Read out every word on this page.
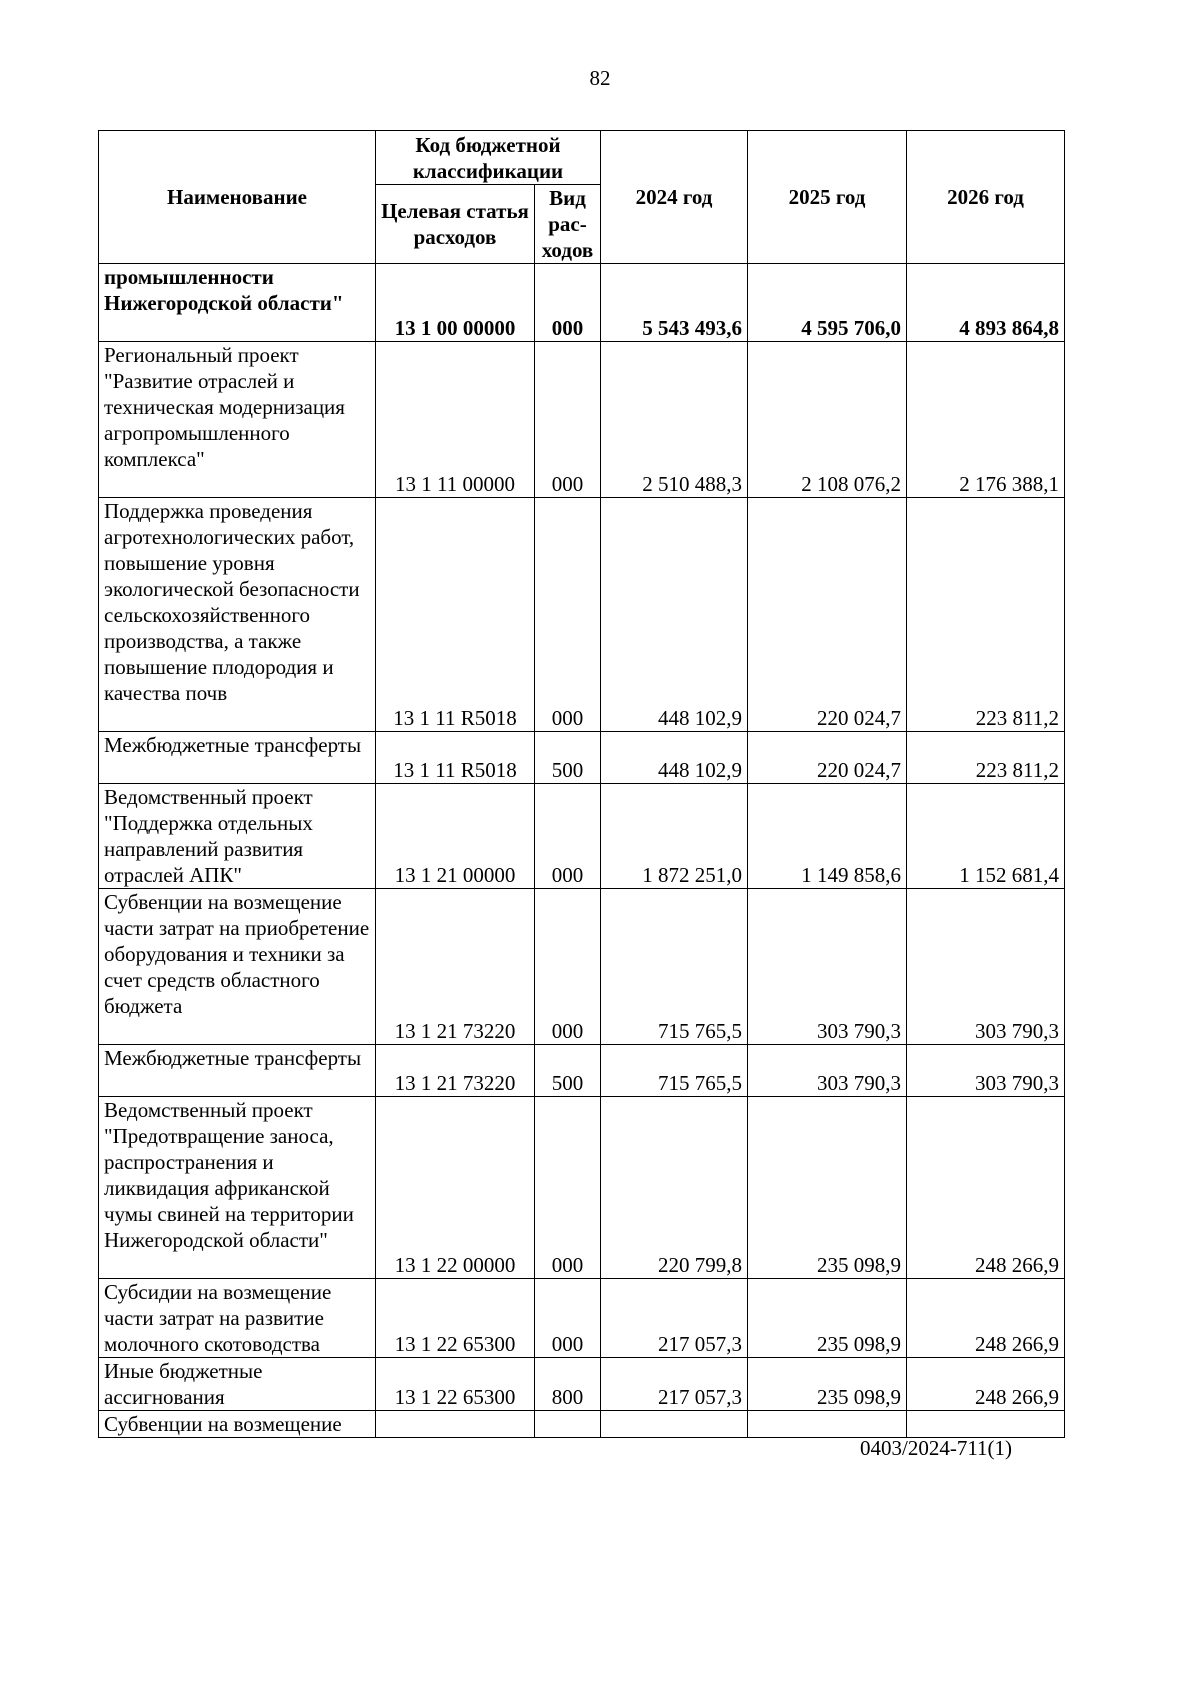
82
Наименование	Код бюджетной классификации		2024 год	2025 год	2026 год
	Целевая статья расходов	Вид рас-ходов			
промышленности Нижегородской области"	13 1 00 00000	000	5 543 493,6	4 595 706,0	4 893 864,8
Региональный проект "Развитие отраслей и техническая модернизация агропромышленного комплекса"	13 1 11 00000	000	2 510 488,3	2 108 076,2	2 176 388,1
Поддержка проведения агротехнологических работ, повышение уровня экологической безопасности сельскохозяйственного производства, а также повышение плодородия и качества почв	13 1 11 R5018	000	448 102,9	220 024,7	223 811,2
Межбюджетные трансферты	13 1 11 R5018	500	448 102,9	220 024,7	223 811,2
Ведомственный проект "Поддержка отдельных направлений развития отраслей АПК"	13 1 21 00000	000	1 872 251,0	1 149 858,6	1 152 681,4
Субвенции на возмещение части затрат на приобретение оборудования и техники за счет средств областного бюджета	13 1 21 73220	000	715 765,5	303 790,3	303 790,3
Межбюджетные трансферты	13 1 21 73220	500	715 765,5	303 790,3	303 790,3
Ведомственный проект "Предотвращение заноса, распространения и ликвидация африканской чумы свиней на территории Нижегородской области"	13 1 22 00000	000	220 799,8	235 098,9	248 266,9
Субсидии на возмещение части затрат на развитие молочного скотоводства	13 1 22 65300	000	217 057,3	235 098,9	248 266,9
Иные бюджетные ассигнования	13 1 22 65300	800	217 057,3	235 098,9	248 266,9
Субвенции на возмещение					
0403/2024-711(1)
